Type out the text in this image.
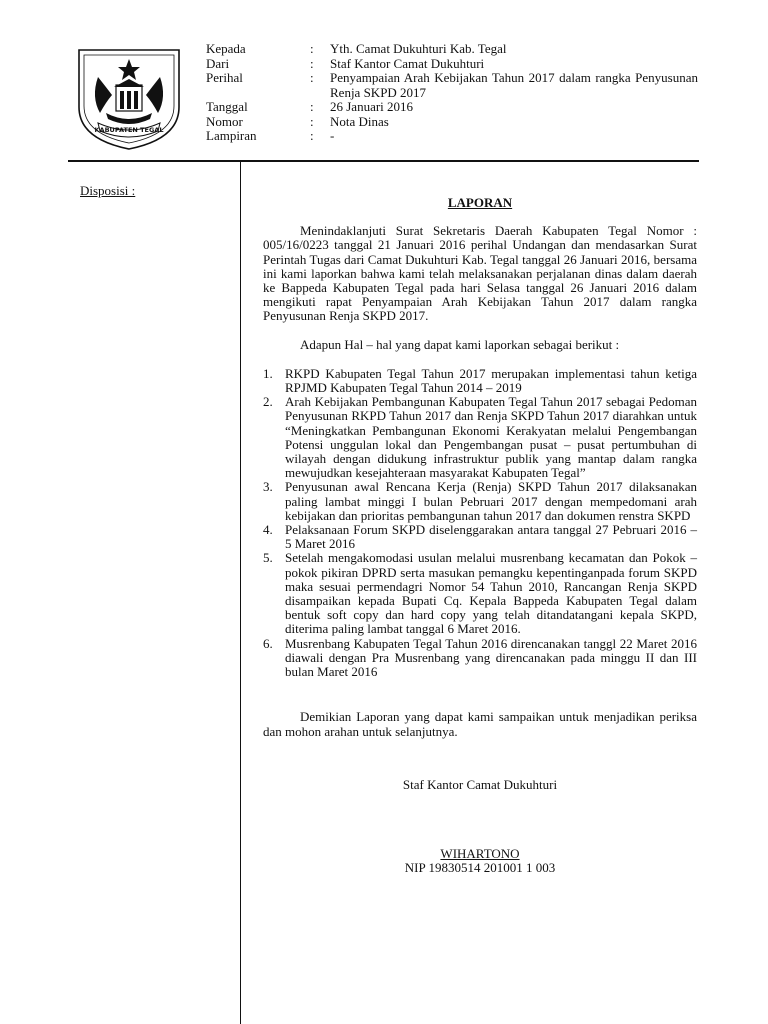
KABUPATEN TEGAL
Kepada	:	Yth. Camat Dukuhturi Kab. Tegal
Dari	:	Staf Kantor Camat Dukuhturi
Perihal	:	Penyampaian Arah Kebijakan Tahun 2017 dalam rangka Penyusunan Renja SKPD 2017
Tanggal	:	26 Januari 2016
Nomor	:	Nota Dinas
Lampiran	:	-
Disposisi :
LAPORAN

Menindaklanjuti Surat Sekretaris Daerah Kabupaten Tegal Nomor : 005/16/0223 tanggal 21 Januari 2016 perihal Undangan dan mendasarkan Surat Perintah Tugas dari Camat Dukuhturi Kab. Tegal tanggal 26 Januari 2016, bersama ini kami laporkan bahwa kami telah melaksanakan perjalanan dinas dalam daerah ke Bappeda Kabupaten Tegal pada hari Selasa tanggal 26 Januari 2016 dalam mengikuti rapat Penyampaian Arah Kebijakan Tahun 2017 dalam rangka Penyusunan Renja SKPD 2017.

Adapun Hal – hal yang dapat kami laporkan sebagai berikut :

1. RKPD Kabupaten Tegal Tahun 2017 merupakan implementasi tahun ketiga RPJMD Kabupaten Tegal Tahun 2014 – 2019
2. Arah Kebijakan Pembangunan Kabupaten Tegal Tahun 2017 sebagai Pedoman Penyusunan RKPD Tahun 2017 dan Renja SKPD Tahun 2017 diarahkan untuk “Meningkatkan Pembangunan Ekonomi Kerakyatan melalui Pengembangan Potensi unggulan lokal dan Pengembangan pusat – pusat pertumbuhan di wilayah dengan didukung infrastruktur publik yang mantap dalam rangka mewujudkan kesejahteraan masyarakat Kabupaten Tegal”
3. Penyusunan awal Rencana Kerja (Renja) SKPD Tahun 2017 dilaksanakan paling lambat minggi I bulan Pebruari 2017 dengan mempedomani arah kebijakan dan prioritas pembangunan tahun 2017 dan dokumen renstra SKPD
4. Pelaksanaan Forum SKPD diselenggarakan antara tanggal 27 Pebruari 2016 – 5 Maret 2016
5. Setelah mengakomodasi usulan melalui musrenbang kecamatan dan Pokok – pokok pikiran DPRD serta masukan pemangku kepentinganpada forum SKPD maka sesuai permendagri Nomor 54 Tahun 2010, Rancangan Renja SKPD disampaikan kepada Bupati Cq. Kepala Bappeda Kabupaten Tegal dalam bentuk soft copy dan hard copy yang telah ditandatangani kepala SKPD, diterima paling lambat tanggal 6 Maret 2016.
6. Musrenbang Kabupaten Tegal Tahun 2016 direncanakan tanggl 22 Maret 2016 diawali dengan Pra Musrenbang yang direncanakan pada minggu II dan III bulan Maret 2016

Demikian Laporan yang dapat kami sampaikan untuk menjadikan periksa dan mohon arahan untuk selanjutnya.

Staf Kantor Camat Dukuhturi
WIHARTONO
NIP 19830514 201001 1 003
